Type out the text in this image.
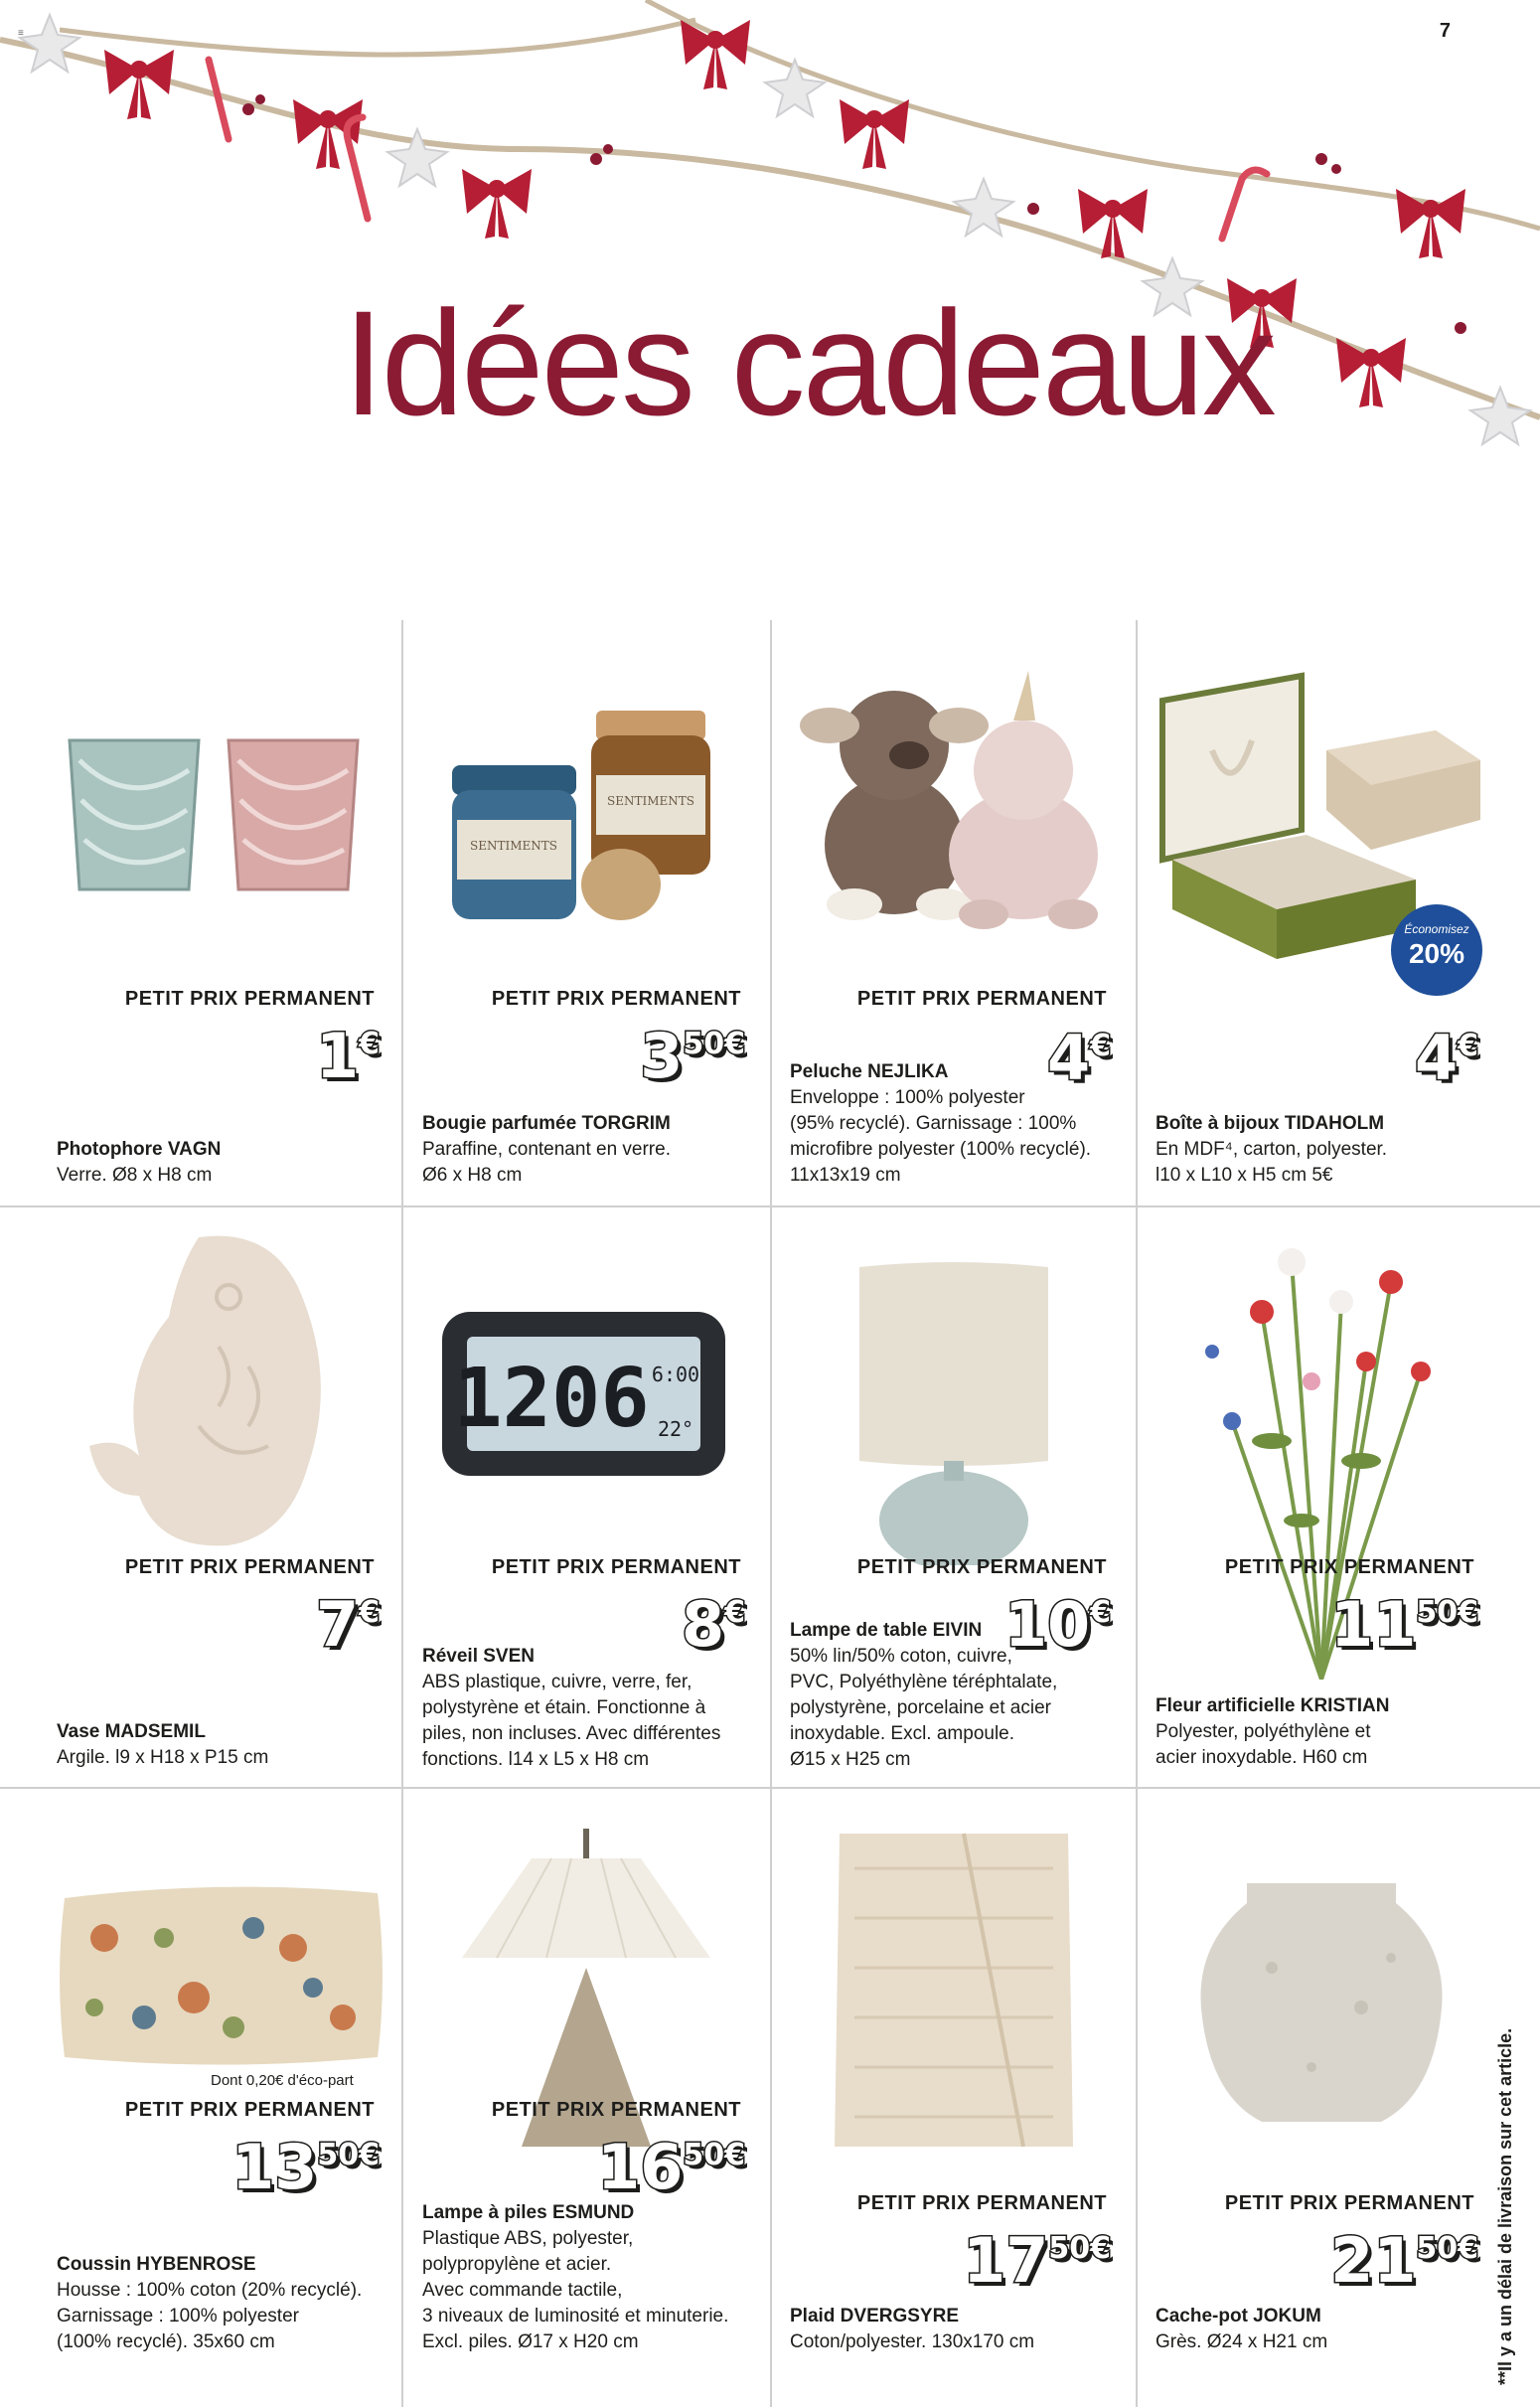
≡	7
Idées cadeaux
PETIT PRIX PERMANENT
1€
Photophore VAGN
Verre. Ø8 x H8 cm
SENTIMENTS
SENTIMENTS
PETIT PRIX PERMANENT
350€
Bougie parfumée TORGRIM
Paraffine, contenant en verre.
Ø6 x H8 cm
PETIT PRIX PERMANENT
Peluche NEJLIKA
Enveloppe : 100% polyester
(95% recyclé). Garnissage : 100%
microfibre polyester (100% recyclé).
11x13x19 cm
4€
Économisez
20%
4€
Boîte à bijoux TIDAHOLM
En MDF⁴, carton, polyester.
l10 x L10 x H5 cm 5€
PETIT PRIX PERMANENT
7€
Vase MADSEMIL
Argile. l9 x H18 x P15 cm
1206 6:00
22°
PETIT PRIX PERMANENT
8€
Réveil SVEN
ABS plastique, cuivre, verre, fer,
polystyrène et étain. Fonctionne à
piles, non incluses. Avec différentes
fonctions. l14 x L5 x H8 cm
PETIT PRIX PERMANENT
10€
Lampe de table EIVIN
50% lin/50% coton, cuivre,
PVC, Polyéthylène téréphtalate,
polystyrène, porcelaine et acier
inoxydable. Excl. ampoule.
Ø15 x H25 cm
PETIT PRIX PERMANENT
1150€
Fleur artificielle KRISTIAN
Polyester, polyéthylène et
acier inoxydable. H60 cm
Dont 0,20€ d'éco-part
PETIT PRIX PERMANENT
1350€
Coussin HYBENROSE
Housse : 100% coton (20% recyclé).
Garnissage : 100% polyester
(100% recyclé). 35x60 cm
PETIT PRIX PERMANENT
1650€
Lampe à piles ESMUND
Plastique ABS, polyester,
polypropylène et acier.
Avec commande tactile,
3 niveaux de luminosité et minuterie.
Excl. piles. Ø17 x H20 cm
PETIT PRIX PERMANENT
1750€
Plaid DVERGSYRE
Coton/polyester. 130x170 cm
PETIT PRIX PERMANENT
2150€
Cache-pot JOKUM
Grès. Ø24 x H21 cm	**Il y a un délai de livraison sur cet article.
